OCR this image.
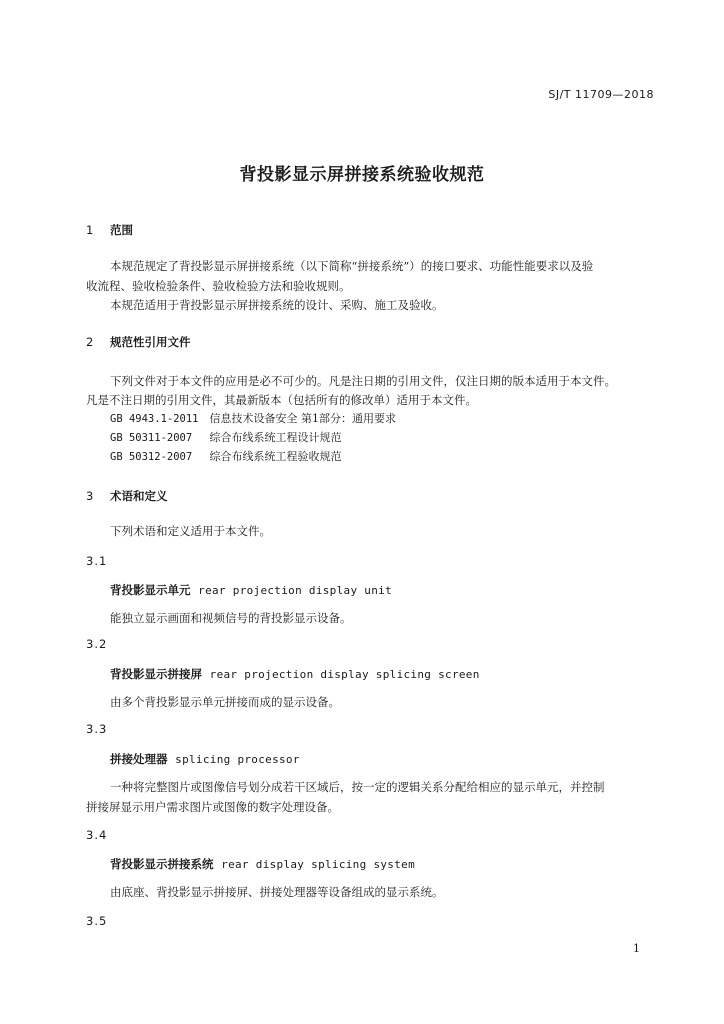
SJ/T 11709—2018
背投影显示屏拼接系统验收规范
1 范围
本规范规定了背投影显示屏拼接系统（以下简称“拼接系统”）的接口要求、功能性能要求以及验
收流程、验收检验条件、验收检验方法和验收规则。
本规范适用于背投影显示屏拼接系统的设计、采购、施工及验收。
2 规范性引用文件
下列文件对于本文件的应用是必不可少的。凡是注日期的引用文件，仅注日期的版本适用于本文件。
凡是不注日期的引用文件，其最新版本（包括所有的修改单）适用于本文件。
GB 4943.1-2011 信息技术设备安全 第1部分：通用要求
GB 50311-2007 综合布线系统工程设计规范
GB 50312-2007 综合布线系统工程验收规范
3 术语和定义
下列术语和定义适用于本文件。
3.1
背投影显示单元 rear projection display unit
能独立显示画面和视频信号的背投影显示设备。
3.2
背投影显示拼接屏 rear projection display splicing screen
由多个背投影显示单元拼接而成的显示设备。
3.3
拼接处理器 splicing processor
一种将完整图片或图像信号划分成若干区域后，按一定的逻辑关系分配给相应的显示单元，并控制
拼接屏显示用户需求图片或图像的数字处理设备。
3.4
背投影显示拼接系统 rear display splicing system
由底座、背投影显示拼接屏、拼接处理器等设备组成的显示系统。
3.5
1
